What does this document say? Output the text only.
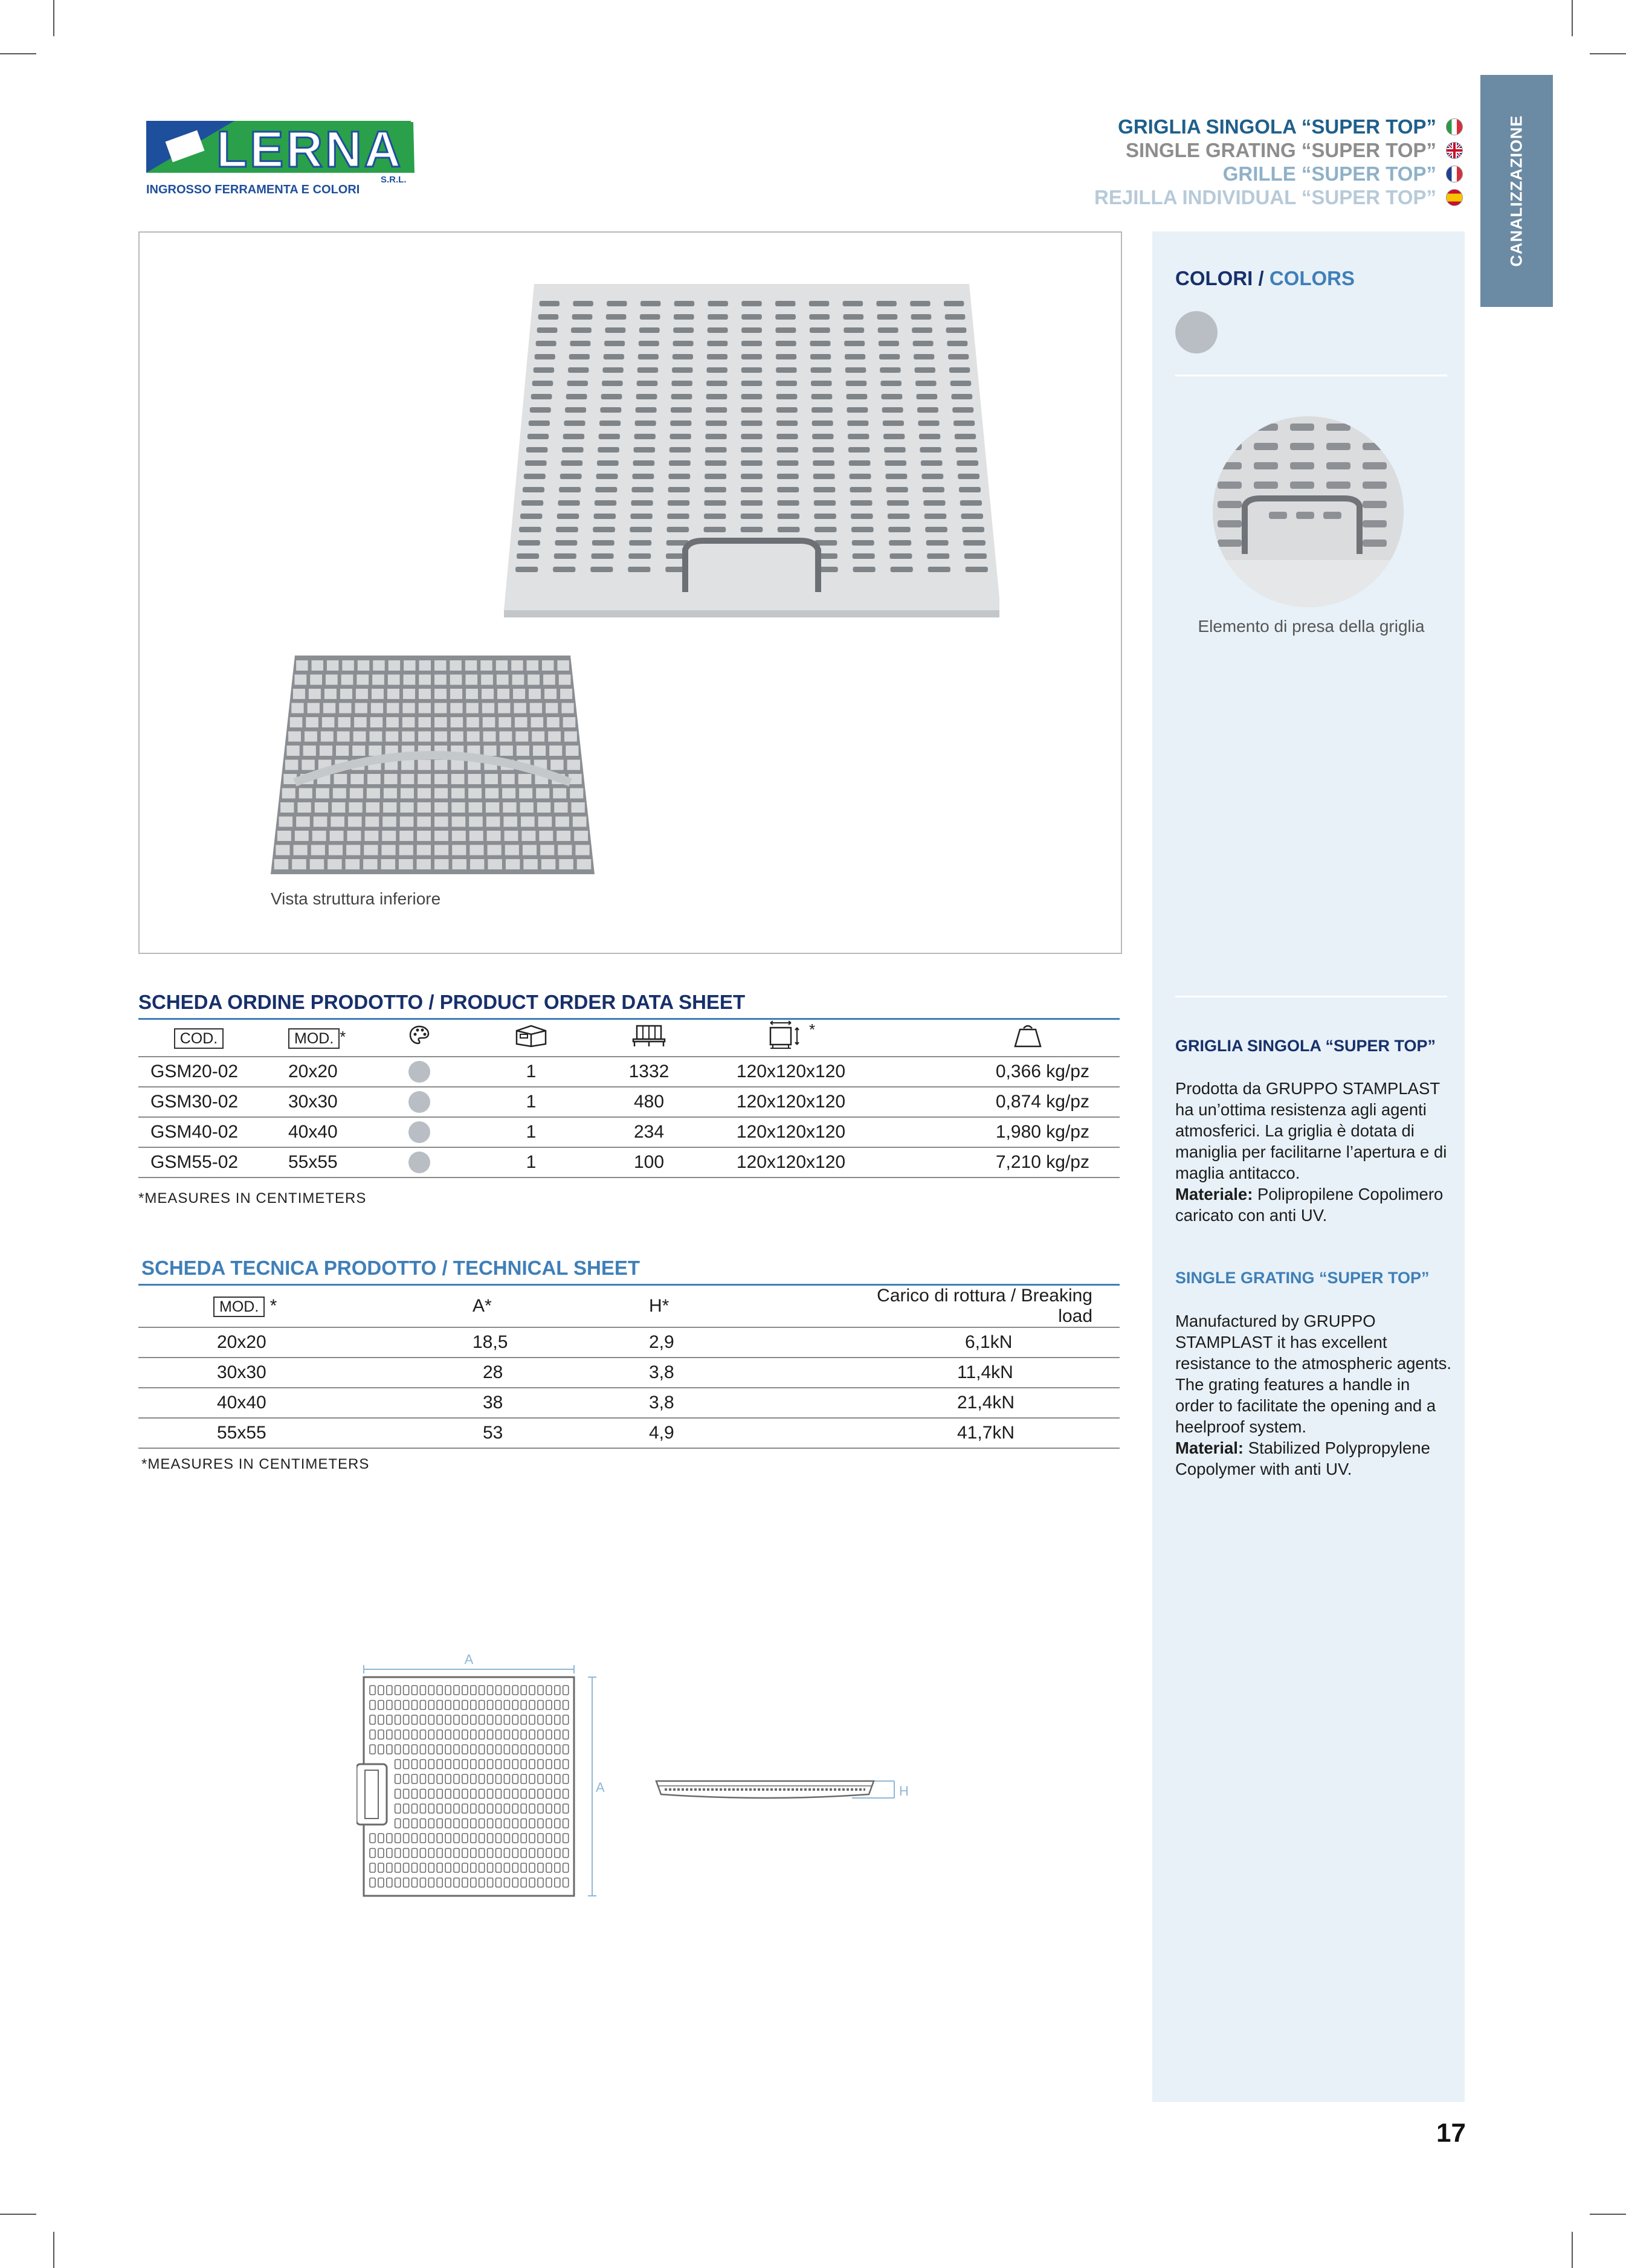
LERNA
S.R.L.
INGROSSO FERRAMENTA E COLORI
GRIGLIA SINGOLA “SUPER TOP”
SINGLE GRATING “SUPER TOP”
GRILLE “SUPER TOP”
REJILLA INDIVIDUAL “SUPER TOP”	CANALIZZAZIONE
COLORI / COLORS
Elemento di presa della griglia
GRIGLIA SINGOLA “SUPER TOP”
Prodotta da GRUPPO STAMPLAST ha un’ottima resistenza agli agenti atmosferici. La griglia è dotata di maniglia per facilitarne l’apertura e di maglia antitacco.
Materiale: Polipropilene Copolimero caricato con anti UV.
SINGLE GRATING “SUPER TOP”
Manufactured by GRUPPO STAMPLAST it has excellent resistance to the atmospheric agents. The grating features a handle in order to facilitate the opening and a heelproof system.
Material: Stabilized Polypropylene Copolymer with anti UV.
Vista struttura inferiore
SCHEDA ORDINE PRODOTTO / PRODUCT ORDER DATA SHEET
COD.	MOD. *				*	
GSM20-02	20x20		1	1332	120x120x120	0,366 kg/pz
GSM30-02	30x30		1	480	120x120x120	0,874 kg/pz
GSM40-02	40x40		1	234	120x120x120	1,980 kg/pz
GSM55-02	55x55		1	100	120x120x120	7,210 kg/pz
*MEASURES IN CENTIMETERS
SCHEDA TECNICA PRODOTTO / TECHNICAL SHEET
MOD. *	A*	H*	Carico di rottura / Breaking load
20x20	18,5	2,9	6,1kN
30x30	28	3,8	11,4kN
40x40	38	3,8	21,4kN
55x55	53	4,9	41,7kN
*MEASURES IN CENTIMETERS
A
A	H
17
